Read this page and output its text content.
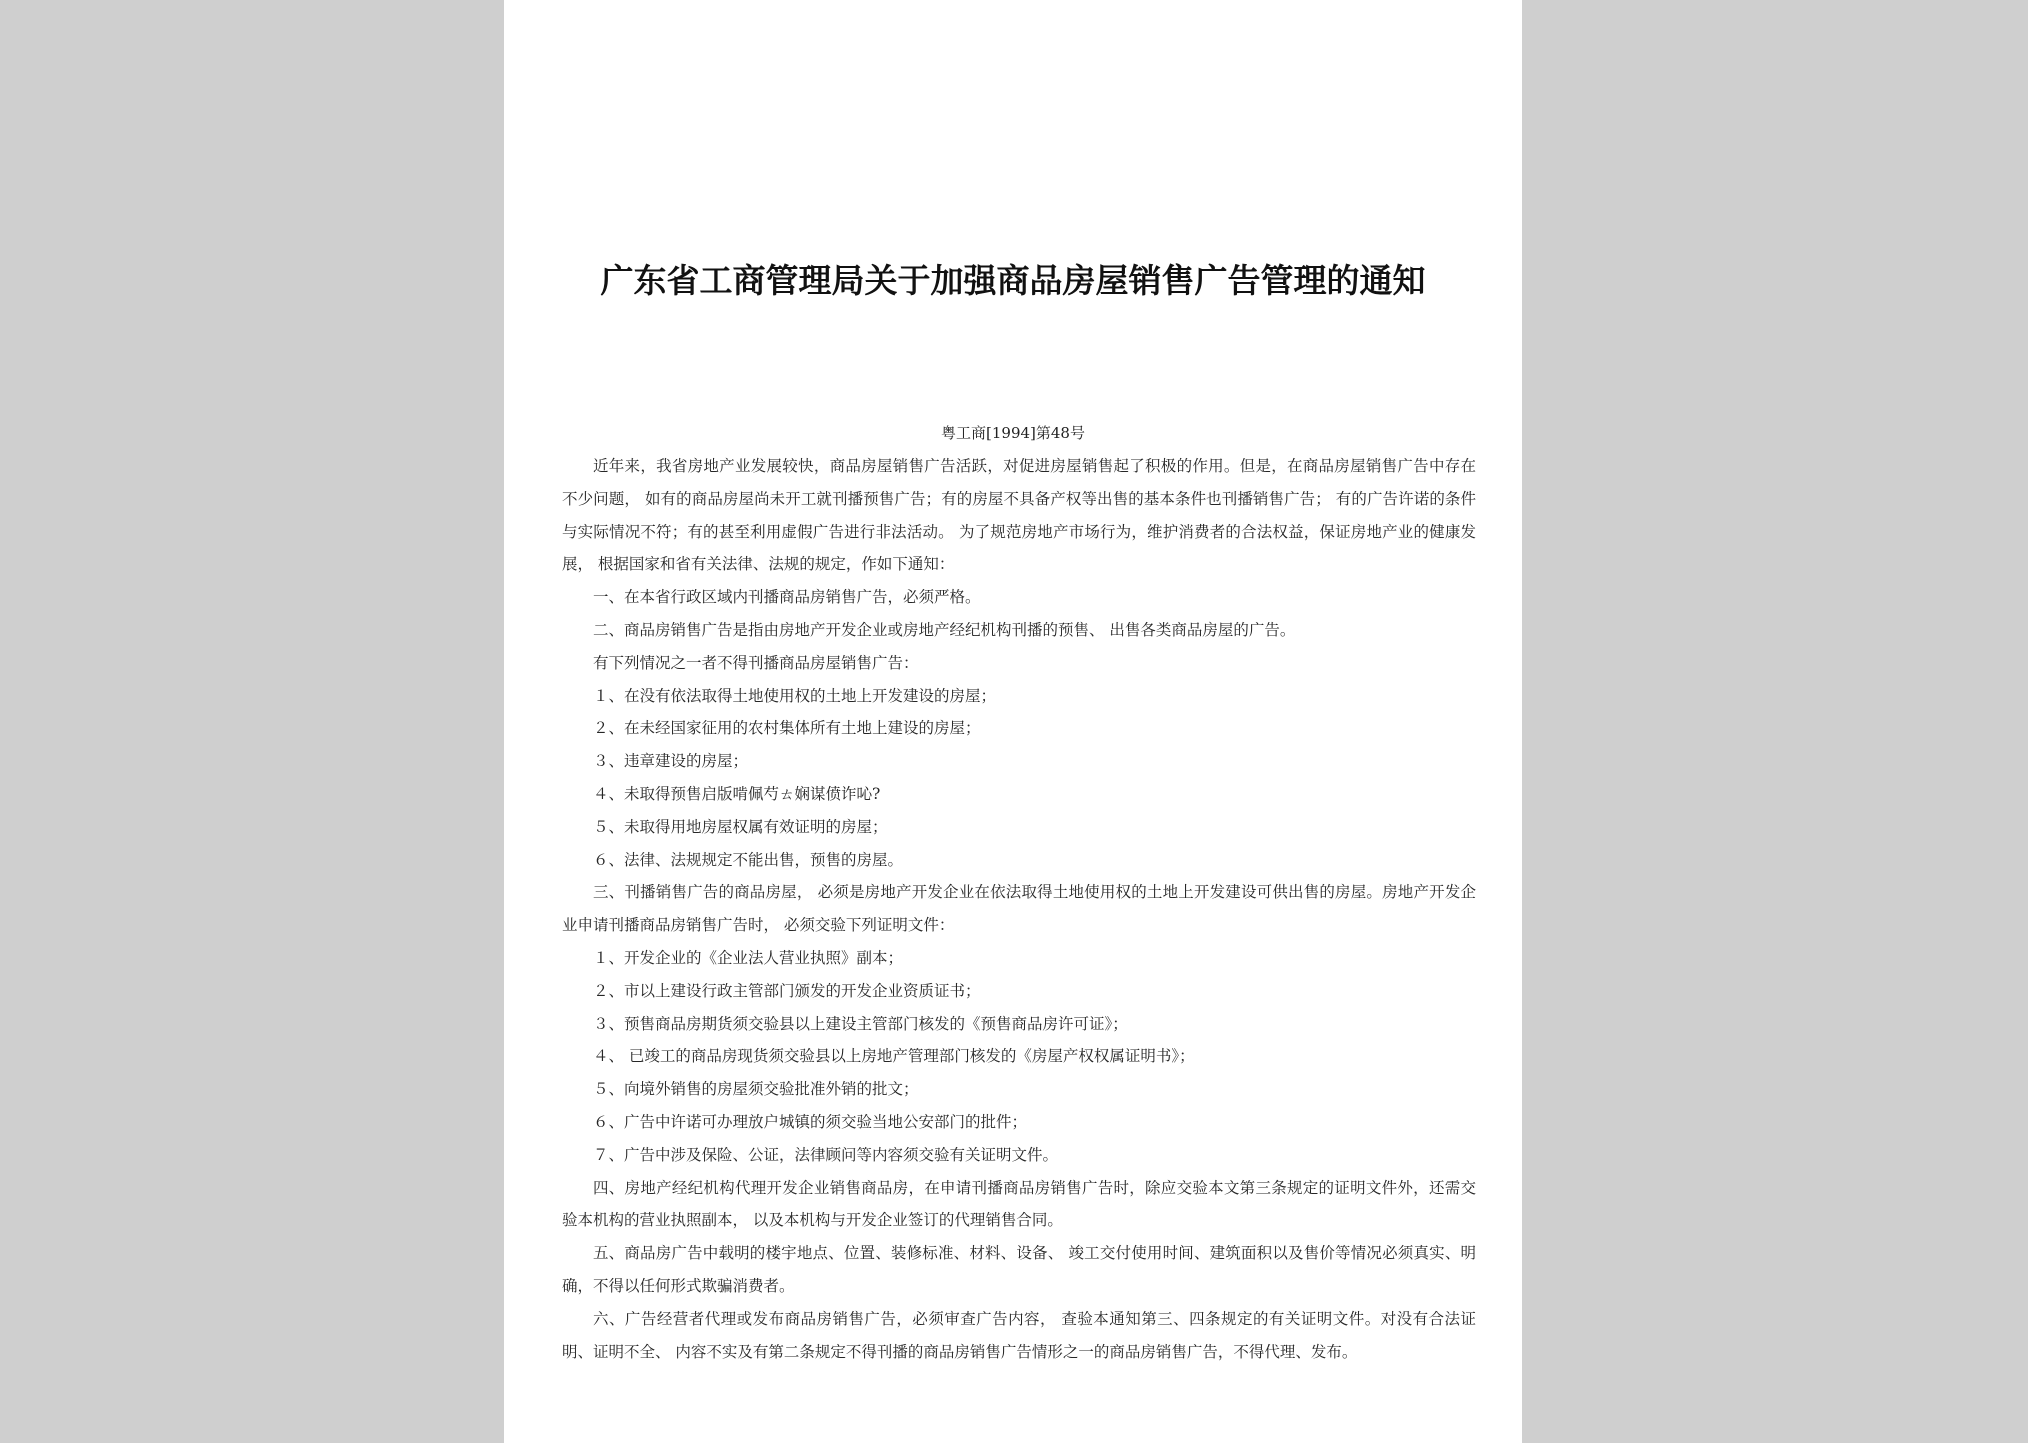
广东省工商管理局关于加强商品房屋销售广告管理的通知
粤工商[1994]第48号

近年来，我省房地产业发展较快，商品房屋销售广告活跃，对促进房屋销售起了积极的作用。但是，在商品房屋销售广告中存在不少问题， 如有的商品房屋尚未开工就刊播预售广告；有的房屋不具备产权等出售的基本条件也刊播销售广告； 有的广告许诺的条件与实际情况不符；有的甚至利用虚假广告进行非法活动。 为了规范房地产市场行为，维护消费者的合法权益，保证房地产业的健康发展， 根据国家和省有关法律、法规的规定，作如下通知：

一、在本省行政区域内刊播商品房销售广告，必须严格。

二、商品房销售广告是指由房地产开发企业或房地产经纪机构刊播的预售、 出售各类商品房屋的广告。

有下列情况之一者不得刊播商品房屋销售广告：

１、在没有依法取得土地使用权的土地上开发建设的房屋；

２、在未经国家征用的农村集体所有土地上建设的房屋；

３、违章建设的房屋；

４、未取得预售启版啃佩芍ㄊ娴谋偾诈吣?

５、未取得用地房屋权属有效证明的房屋；

６、法律、法规规定不能出售，预售的房屋。

三、刊播销售广告的商品房屋， 必须是房地产开发企业在依法取得土地使用权的土地上开发建设可供出售的房屋。房地产开发企业申请刊播商品房销售广告时， 必须交验下列证明文件：

１、开发企业的《企业法人营业执照》副本；

２、市以上建设行政主管部门颁发的开发企业资质证书；

３、预售商品房期货须交验县以上建设主管部门核发的《预售商品房许可证》；

４、 已竣工的商品房现货须交验县以上房地产管理部门核发的《房屋产权权属证明书》；

５、向境外销售的房屋须交验批准外销的批文；

６、广告中许诺可办理放户城镇的须交验当地公安部门的批件；

７、广告中涉及保险、公证，法律顾问等内容须交验有关证明文件。

四、房地产经纪机构代理开发企业销售商品房，在申请刊播商品房销售广告时，除应交验本文第三条规定的证明文件外，还需交验本机构的营业执照副本， 以及本机构与开发企业签订的代理销售合同。

五、商品房广告中载明的楼宇地点、位置、装修标准、材料、设备、 竣工交付使用时间、建筑面积以及售价等情况必须真实、明确，不得以任何形式欺骗消费者。

六、广告经营者代理或发布商品房销售广告，必须审查广告内容， 查验本通知第三、四条规定的有关证明文件。对没有合法证明、证明不全、 内容不实及有第二条规定不得刊播的商品房销售广告情形之一的商品房销售广告，不得代理、发布。
